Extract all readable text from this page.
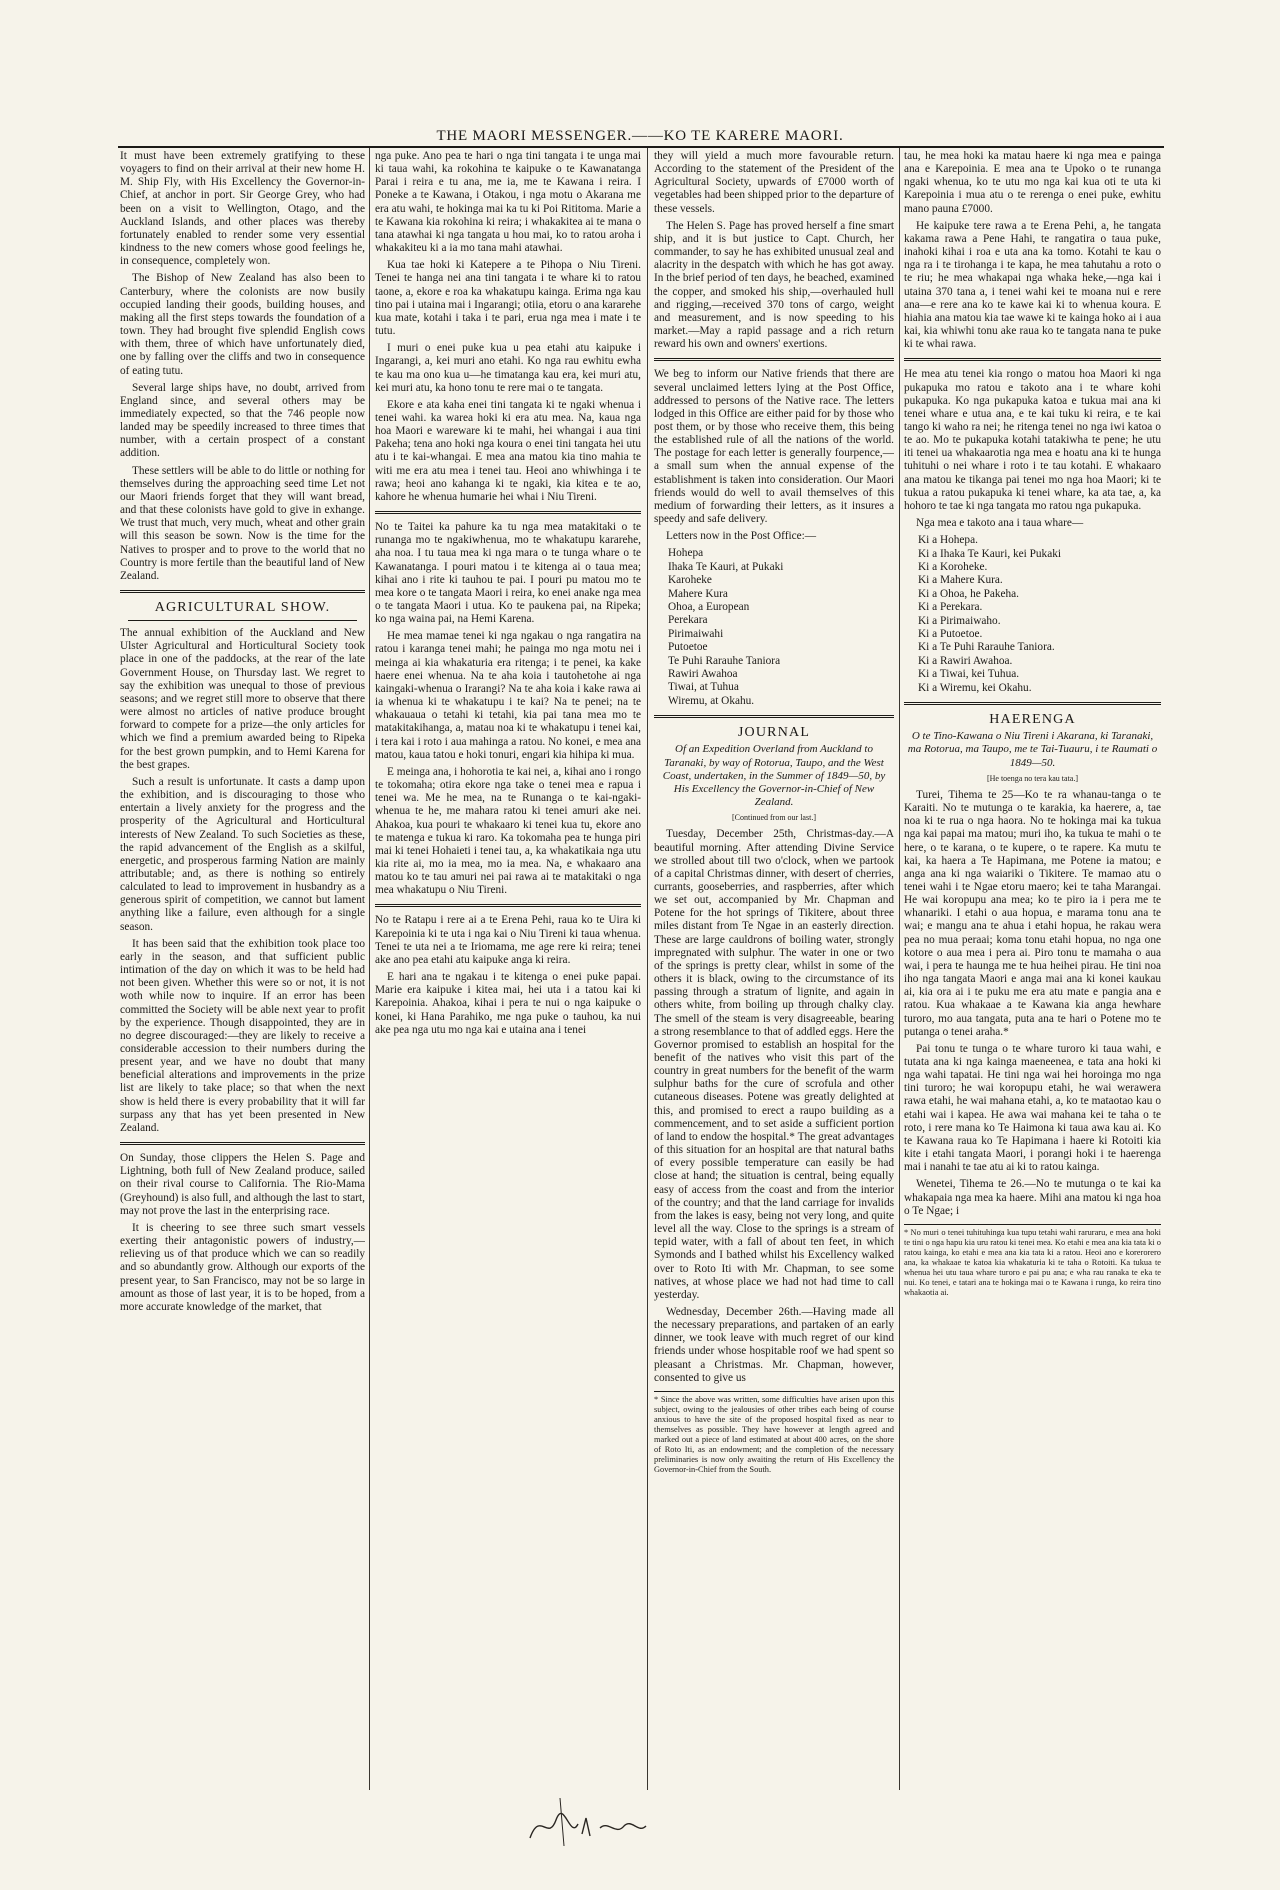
THE MAORI MESSENGER.——KO TE KARERE MAORI.

It must have been extremely gratifying to these voyagers to find on their arrival at their new home H. M. Ship Fly, with His Excellency the Governor-in-Chief, at anchor in port. Sir George Grey, who had been on a visit to Wellington, Otago, and the Auckland Islands, and other places was thereby fortunately enabled to render some very essential kindness to the new comers whose good feelings he, in consequence, completely won.

The Bishop of New Zealand has also been to Canterbury, where the colonists are now busily occupied landing their goods, building houses, and making all the first steps towards the foundation of a town. They had brought five splendid English cows with them, three of which have unfortunately died, one by falling over the cliffs and two in consequence of eating tutu.

Several large ships have, no doubt, arrived from England since, and several others may be immediately expected, so that the 746 people now landed may be speedily increased to three times that number, with a certain prospect of a constant addition.

These settlers will be able to do little or nothing for themselves during the approaching seed time Let not our Maori friends forget that they will want bread, and that these colonists have gold to give in exhange. We trust that much, very much, wheat and other grain will this season be sown. Now is the time for the Natives to prosper and to prove to the world that no Country is more fertile than the beautiful land of New Zealand.

AGRICULTURAL SHOW.

The annual exhibition of the Auckland and New Ulster Agricultural and Horticultural Society took place in one of the paddocks, at the rear of the late Government House, on Thursday last. We regret to say the exhibition was unequal to those of previous seasons; and we regret still more to observe that there were almost no articles of native produce brought forward to compete for a prize—the only articles for which we find a premium awarded being to Ripeka for the best grown pumpkin, and to Hemi Karena for the best grapes.

Such a result is unfortunate. It casts a damp upon the exhibition, and is discouraging to those who entertain a lively anxiety for the progress and the prosperity of the Agricultural and Horticultural interests of New Zealand. To such Societies as these, the rapid advancement of the English as a skilful, energetic, and prosperous farming Nation are mainly attributable; and, as there is nothing so entirely calculated to lead to improvement in husbandry as a generous spirit of competition, we cannot but lament anything like a failure, even although for a single season.

It has been said that the exhibition took place too early in the season, and that sufficient public intimation of the day on which it was to be held had not been given. Whether this were so or not, it is not woth while now to inquire. If an error has been committed the Society will be able next year to profit by the experience. Though disappointed, they are in no degree discouraged:—they are likely to receive a considerable accession to their numbers during the present year, and we have no doubt that many beneficial alterations and improvements in the prize list are likely to take place; so that when the next show is held there is every probability that it will far surpass any that has yet been presented in New Zealand.

On Sunday, those clippers the Helen S. Page and Lightning, both full of New Zealand produce, sailed on their rival course to California. The Rio-Mama (Greyhound) is also full, and although the last to start, may not prove the last in the enterprising race.

It is cheering to see three such smart vessels exerting their antagonistic powers of industry,—relieving us of that produce which we can so readily and so abundantly grow. Although our exports of the present year, to San Francisco, may not be so large in amount as those of last year, it is to be hoped, from a more accurate knowledge of the market, that

nga puke. Ano pea te hari o nga tini tangata i te unga mai ki taua wahi, ka rokohina te kaipuke o te Kawanatanga Parai i reira e tu ana, me ia, me te Kawana i reira. I Poneke a te Kawana, i Otakou, i nga motu o Akarana me era atu wahi, te hokinga mai ka tu ki Poi Rititoma. Marie a te Kawana kia rokohina ki reira; i whakakitea ai te mana o tana atawhai ki nga tangata u hou mai, ko to ratou aroha i whakakiteu ki a ia mo tana mahi atawhai.

Kua tae hoki ki Katepere a te Pihopa o Niu Tireni. Tenei te hanga nei ana tini tangata i te whare ki to ratou taone, a, ekore e roa ka whakatupu kainga. Erima nga kau tino pai i utaina mai i Ingarangi; otiia, etoru o ana kararehe kua mate, kotahi i taka i te pari, erua nga mea i mate i te tutu.

I muri o enei puke kua u pea etahi atu kaipuke i Ingarangi, a, kei muri ano etahi. Ko nga rau ewhitu ewha te kau ma ono kua u—he timatanga kau era, kei muri atu, kei muri atu, ka hono tonu te rere mai o te tangata.

Ekore e ata kaha enei tini tangata ki te ngaki whenua i tenei wahi. ka warea hoki ki era atu mea. Na, kaua nga hoa Maori e wareware ki te mahi, hei whangai i aua tini Pakeha; tena ano hoki nga koura o enei tini tangata hei utu atu i te kai-whangai. E mea ana matou kia tino mahia te witi me era atu mea i tenei tau. Heoi ano whiwhinga i te rawa; heoi ano kahanga ki te ngaki, kia kitea e te ao, kahore he whenua humarie hei whai i Niu Tireni.

No te Taitei ka pahure ka tu nga mea matakitaki o te runanga mo te ngakiwhenua, mo te whakatupu kararehe, aha noa. I tu taua mea ki nga mara o te tunga whare o te Kawanatanga. I pouri matou i te kitenga ai o taua mea; kihai ano i rite ki tauhou te pai. I pouri pu matou mo te mea kore o te tangata Maori i reira, ko enei anake nga mea o te tangata Maori i utua. Ko te paukena pai, na Ripeka; ko nga waina pai, na Hemi Karena.

He mea mamae tenei ki nga ngakau o nga rangatira na ratou i karanga tenei mahi; he painga mo nga motu nei i meinga ai kia whakaturia era ritenga; i te penei, ka kake haere enei whenua. Na te aha koia i tautohetohe ai nga kaingaki-whenua o Irarangi? Na te aha koia i kake rawa ai ia whenua ki te whakatupu i te kai? Na te penei; na te whakauaua o tetahi ki tetahi, kia pai tana mea mo te matakitakihanga, a, matau noa ki te whakatupu i tenei kai, i tera kai i roto i aua mahinga a ratou. No konei, e mea ana matou, kaua tatou e hoki tonuri, engari kia hihipa ki mua.

E meinga ana, i hohorotia te kai nei, a, kihai ano i rongo te tokomaha; otira ekore nga take o tenei mea e rapua i tenei wa. Me he mea, na te Runanga o te kai-ngaki-whenua te he, me mahara ratou ki tenei amuri ake nei. Ahakoa, kua pouri te whakaaro ki tenei kua tu, ekore ano te matenga e tukua ki raro. Ka tokomaha pea te hunga piri mai ki tenei Hohaieti i tenei tau, a, ka whakatikaia nga utu kia rite ai, mo ia mea, mo ia mea. Na, e whakaaro ana matou ko te tau amuri nei pai rawa ai te matakitaki o nga mea whakatupu o Niu Tireni.

No te Ratapu i rere ai a te Erena Pehi, raua ko te Uira ki Karepoinia ki te uta i nga kai o Niu Tireni ki taua whenua. Tenei te uta nei a te Iriomama, me age rere ki reira; tenei ake ano pea etahi atu kaipuke anga ki reira.

E hari ana te ngakau i te kitenga o enei puke papai. Marie era kaipuke i kitea mai, hei uta i a tatou kai ki Karepoinia. Ahakoa, kihai i pera te nui o nga kaipuke o konei, ki Hana Parahiko, me nga puke o tauhou, ka nui ake pea nga utu mo nga kai e utaina ana i tenei

they will yield a much more favourable return. According to the statement of the President of the Agricultural Society, upwards of £7000 worth of vegetables had been shipped prior to the departure of these vessels.

The Helen S. Page has proved herself a fine smart ship, and it is but justice to Capt. Church, her commander, to say he has exhibited unusual zeal and alacrity in the despatch with which he has got away. In the brief period of ten days, he beached, examined the copper, and smoked his ship,—overhauled hull and rigging,—received 370 tons of cargo, weight and measurement, and is now speeding to his market.—May a rapid passage and a rich return reward his own and owners' exertions.

We beg to inform our Native friends that there are several unclaimed letters lying at the Post Office, addressed to persons of the Native race. The letters lodged in this Office are either paid for by those who post them, or by those who receive them, this being the established rule of all the nations of the world. The postage for each letter is generally fourpence,—a small sum when the annual expense of the establishment is taken into consideration. Our Maori friends would do well to avail themselves of this medium of forwarding their letters, as it insures a speedy and safe delivery.

Letters now in the Post Office:—

Hohepa
Ihaka Te Kauri, at Pukaki
Karoheke
Mahere Kura
Ohoa, a European
Perekara
Pirimaiwahi
Putoetoe
Te Puhi Rarauhe Taniora
Rawiri Awahoa
Tiwai, at Tuhua
Wiremu, at Okahu.
JOURNAL
Of an Expedition Overland from Auckland to Taranaki, by way of Rotorua, Taupo, and the West Coast, undertaken, in the Summer of 1849—50, by His Excellency the Governor-in-Chief of New Zealand.
[Continued from our last.]

Tuesday, December 25th, Christmas-day.—A beautiful morning. After attending Divine Service we strolled about till two o'clock, when we partook of a capital Christmas dinner, with desert of cherries, currants, gooseberries, and raspberries, after which we set out, accompanied by Mr. Chapman and Potene for the hot springs of Tikitere, about three miles distant from Te Ngae in an easterly direction. These are large cauldrons of boiling water, strongly impregnated with sulphur. The water in one or two of the springs is pretty clear, whilst in some of the others it is black, owing to the circumstance of its passing through a stratum of lignite, and again in others white, from boiling up through chalky clay. The smell of the steam is very disagreeable, bearing a strong resemblance to that of addled eggs. Here the Governor promised to establish an hospital for the benefit of the natives who visit this part of the country in great numbers for the benefit of the warm sulphur baths for the cure of scrofula and other cutaneous diseases. Potene was greatly delighted at this, and promised to erect a raupo building as a commencement, and to set aside a sufficient portion of land to endow the hospital.* The great advantages of this situation for an hospital are that natural baths of every possible temperature can easily be had close at hand; the situation is central, being equally easy of access from the coast and from the interior of the country; and that the land carriage for invalids from the lakes is easy, being not very long, and quite level all the way. Close to the springs is a stream of tepid water, with a fall of about ten feet, in which Symonds and I bathed whilst his Excellency walked over to Roto Iti with Mr. Chapman, to see some natives, at whose place we had not had time to call yesterday.

Wednesday, December 26th.—Having made all the necessary preparations, and partaken of an early dinner, we took leave with much regret of our kind friends under whose hospitable roof we had spent so pleasant a Christmas. Mr. Chapman, however, consented to give us

* Since the above was written, some difficulties have arisen upon this subject, owing to the jealousies of other tribes each being of course anxious to have the site of the proposed hospital fixed as near to themselves as possible. They have however at length agreed and marked out a piece of land estimated at about 400 acres, on the shore of Roto Iti, as an endowment; and the completion of the necessary preliminaries is now only awaiting the return of His Excellency the Governor-in-Chief from the South.

tau, he mea hoki ka matau haere ki nga mea e painga ana e Karepoinia. E mea ana te Upoko o te runanga ngaki whenua, ko te utu mo nga kai kua oti te uta ki Karepoinia i mua atu o te rerenga o enei puke, ewhitu mano pauna £7000.

He kaipuke tere rawa a te Erena Pehi, a, he tangata kakama rawa a Pene Hahi, te rangatira o taua puke, inahoki kihai i roa e uta ana ka tomo. Kotahi te kau o nga ra i te tirohanga i te kapa, he mea tahutahu a roto o te riu; he mea whakapai nga whaka heke,—nga kai i utaina 370 tana a, i tenei wahi kei te moana nui e rere ana—e rere ana ko te kawe kai ki to whenua koura. E hiahia ana matou kia tae wawe ki te kainga hoko ai i aua kai, kia whiwhi tonu ake raua ko te tangata nana te puke ki te whai rawa.

He mea atu tenei kia rongo o matou hoa Maori ki nga pukapuka mo ratou e takoto ana i te whare kohi pukapuka. Ko nga pukapuka katoa e tukua mai ana ki tenei whare e utua ana, e te kai tuku ki reira, e te kai tango ki waho ra nei; he ritenga tenei no nga iwi katoa o te ao. Mo te pukapuka kotahi tatakiwha te pene; he utu iti tenei ua whakaarotia nga mea e hoatu ana ki te hunga tuhituhi o nei whare i roto i te tau kotahi. E whakaaro ana matou ke tikanga pai tenei mo nga hoa Maori; ki te tukua a ratou pukapuka ki tenei whare, ka ata tae, a, ka hohoro te tae ki nga tangata mo ratou nga pukapuka.

Nga mea e takoto ana i taua whare—

Ki a Hohepa.
Ki a Ihaka Te Kauri, kei Pukaki
Ki a Koroheke.
Ki a Mahere Kura.
Ki a Ohoa, he Pakeha.
Ki a Perekara.
Ki a Pirimaiwaho.
Ki a Putoetoe.
Ki a Te Puhi Rarauhe Taniora.
Ki a Rawiri Awahoa.
Ki a Tiwai, kei Tuhua.
Ki a Wiremu, kei Okahu.
HAERENGA
O te Tino-Kawana o Niu Tireni i Akarana, ki Taranaki, ma Rotorua, ma Taupo, me te Tai-Tuauru, i te Raumati o 1849—50.
[He toenga no tera kau tata.]

Turei, Tihema te 25—Ko te ra whanau-tanga o te Karaiti. No te mutunga o te karakia, ka haerere, a, tae noa ki te rua o nga haora. No te hokinga mai ka tukua nga kai papai ma matou; muri iho, ka tukua te mahi o te here, o te karana, o te kupere, o te rapere. Ka mutu te kai, ka haera a Te Hapimana, me Potene ia matou; e anga ana ki nga waiariki o Tikitere. Te mamao atu o tenei wahi i te Ngae etoru maero; kei te taha Marangai. He wai koropupu ana mea; ko te piro ia i pera me te whanariki. I etahi o aua hopua, e marama tonu ana te wai; e mangu ana te ahua i etahi hopua, he rakau wera pea no mua peraai; koma tonu etahi hopua, no nga one kotore o aua mea i pera ai. Piro tonu te mamaha o aua wai, i pera te haunga me te hua heihei pirau. He tini noa iho nga tangata Maori e anga mai ana ki konei kaukau ai, kia ora ai i te puku me era atu mate e pangia ana e ratou. Kua whakaae a te Kawana kia anga hewhare turoro, mo aua tangata, puta ana te hari o Potene mo te putanga o tenei araha.*

Pai tonu te tunga o te whare turoro ki taua wahi, e tutata ana ki nga kainga maeneenea, e tata ana hoki ki nga wahi tapatai. He tini nga wai hei horoinga mo nga tini turoro; he wai koropupu etahi, he wai werawera rawa etahi, he wai mahana etahi, a, ko te mataotao kau o etahi wai i kapea. He awa wai mahana kei te taha o te roto, i rere mana ko Te Haimona ki taua awa kau ai. Ko te Kawana raua ko Te Hapimana i haere ki Rotoiti kia kite i etahi tangata Maori, i porangi hoki i te haerenga mai i nanahi te tae atu ai ki to ratou kainga.

Wenetei, Tihema te 26.—No te mutunga o te kai ka whakapaia nga mea ka haere. Mihi ana matou ki nga hoa o Te Ngae; i

* No muri o tenei tuhituhinga kua tupu tetahi wahi raruraru, e mea ana hoki te tini o nga hapu kia uru ratou ki tenei mea. Ko etahi e mea ana kia tata ki o ratou kainga, ko etahi e mea ana kia tata ki a ratou. Heoi ano e korerorero ana, ka whakaae te katoa kia whakaturia ki te taha o Rotoiti. Ka tukua te whenua hei utu taua whare turoro e pai pu ana; e wha rau ranaka te eka te nui. Ko tenei, e tatari ana te hokinga mai o te Kawana i runga, ko reira tino whakaotia ai.
